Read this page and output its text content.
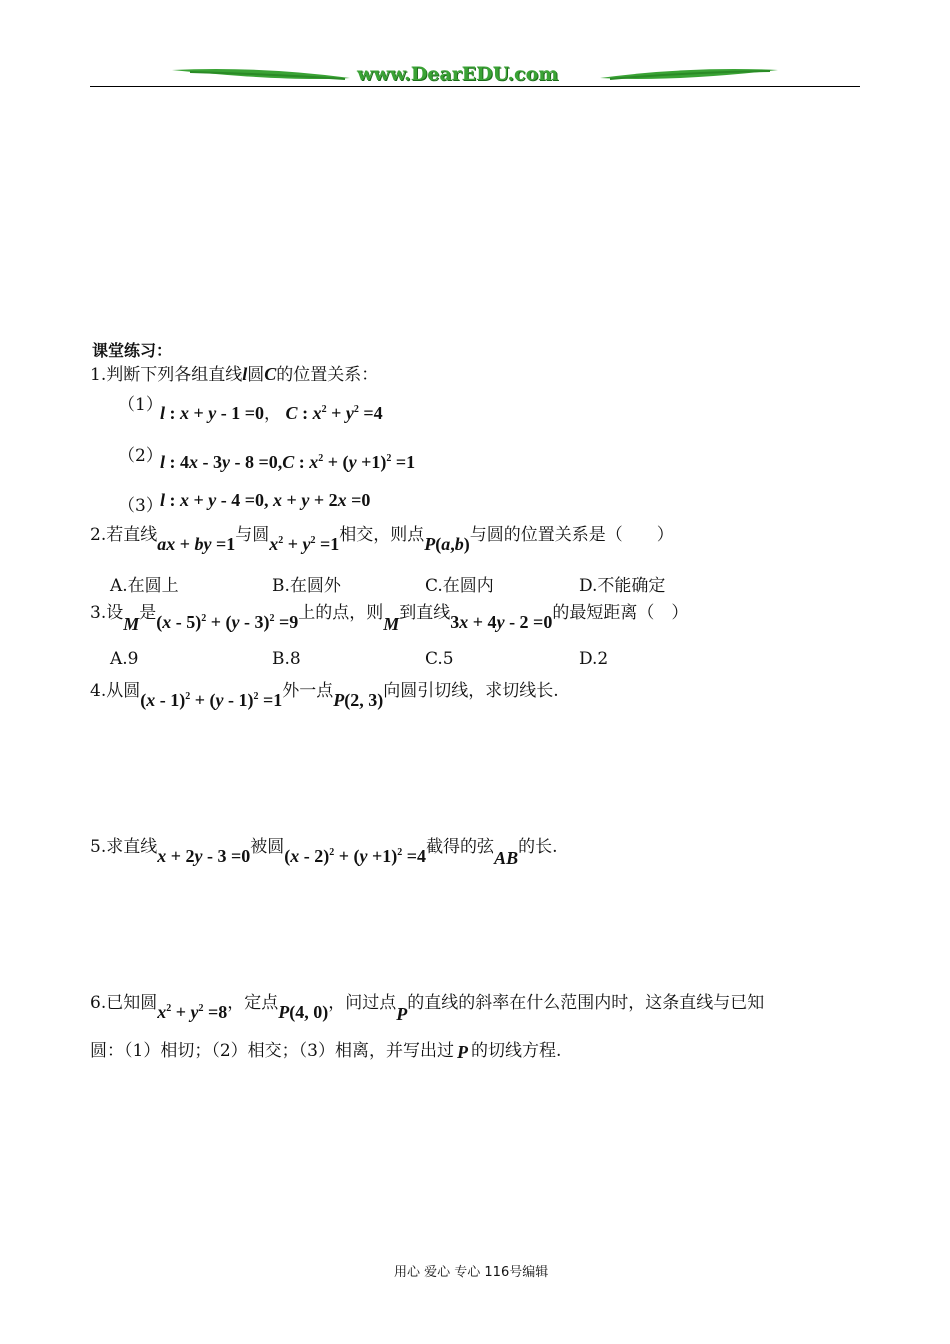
www.DearEDU.com
课堂练习：
1.判断下列各组直线l圆C的位置关系：
（1）
l : x + y - 1 =0， C : $x^2 + y^2 =4$
（2）
l : 4x - 3y - 8 =0,C : $x^2 + (y +1)^2 =1$
（3）
l : x + y - 4 =0, x + y + 2x =0
2.若直线ax + by =1与圆$x^2 + y^2 =1$相交，则点P(a,b)与圆的位置关系是（　　）
A.在圆上	B.在圆外	C.在圆内	D.不能确定
3.设M是(x - 5)$^2$ + (y - 3)$^2$ =9上的点，则M到直线3x + 4y - 2 =0的最短距离（　）
A.9	B.8	C.5	D.2
4.从圆(x - 1)$^2$ + (y - 1)$^2$ =1外一点P(2, 3)向圆引切线，求切线长.
5.求直线x + 2y - 3 =0被圆$(x - 2)^2 + (y +1)^2 =4$截得的弦AB的长.
6.已知圆$x^2 + y^2 =8$，定点P(4, 0)，问过点P的直线的斜率在什么范围内时，这条直线与已知
圆：（1）相切；（2）相交；（3）相离，并写出过 P 的切线方程.
用心 爱心 专心 116号编辑
